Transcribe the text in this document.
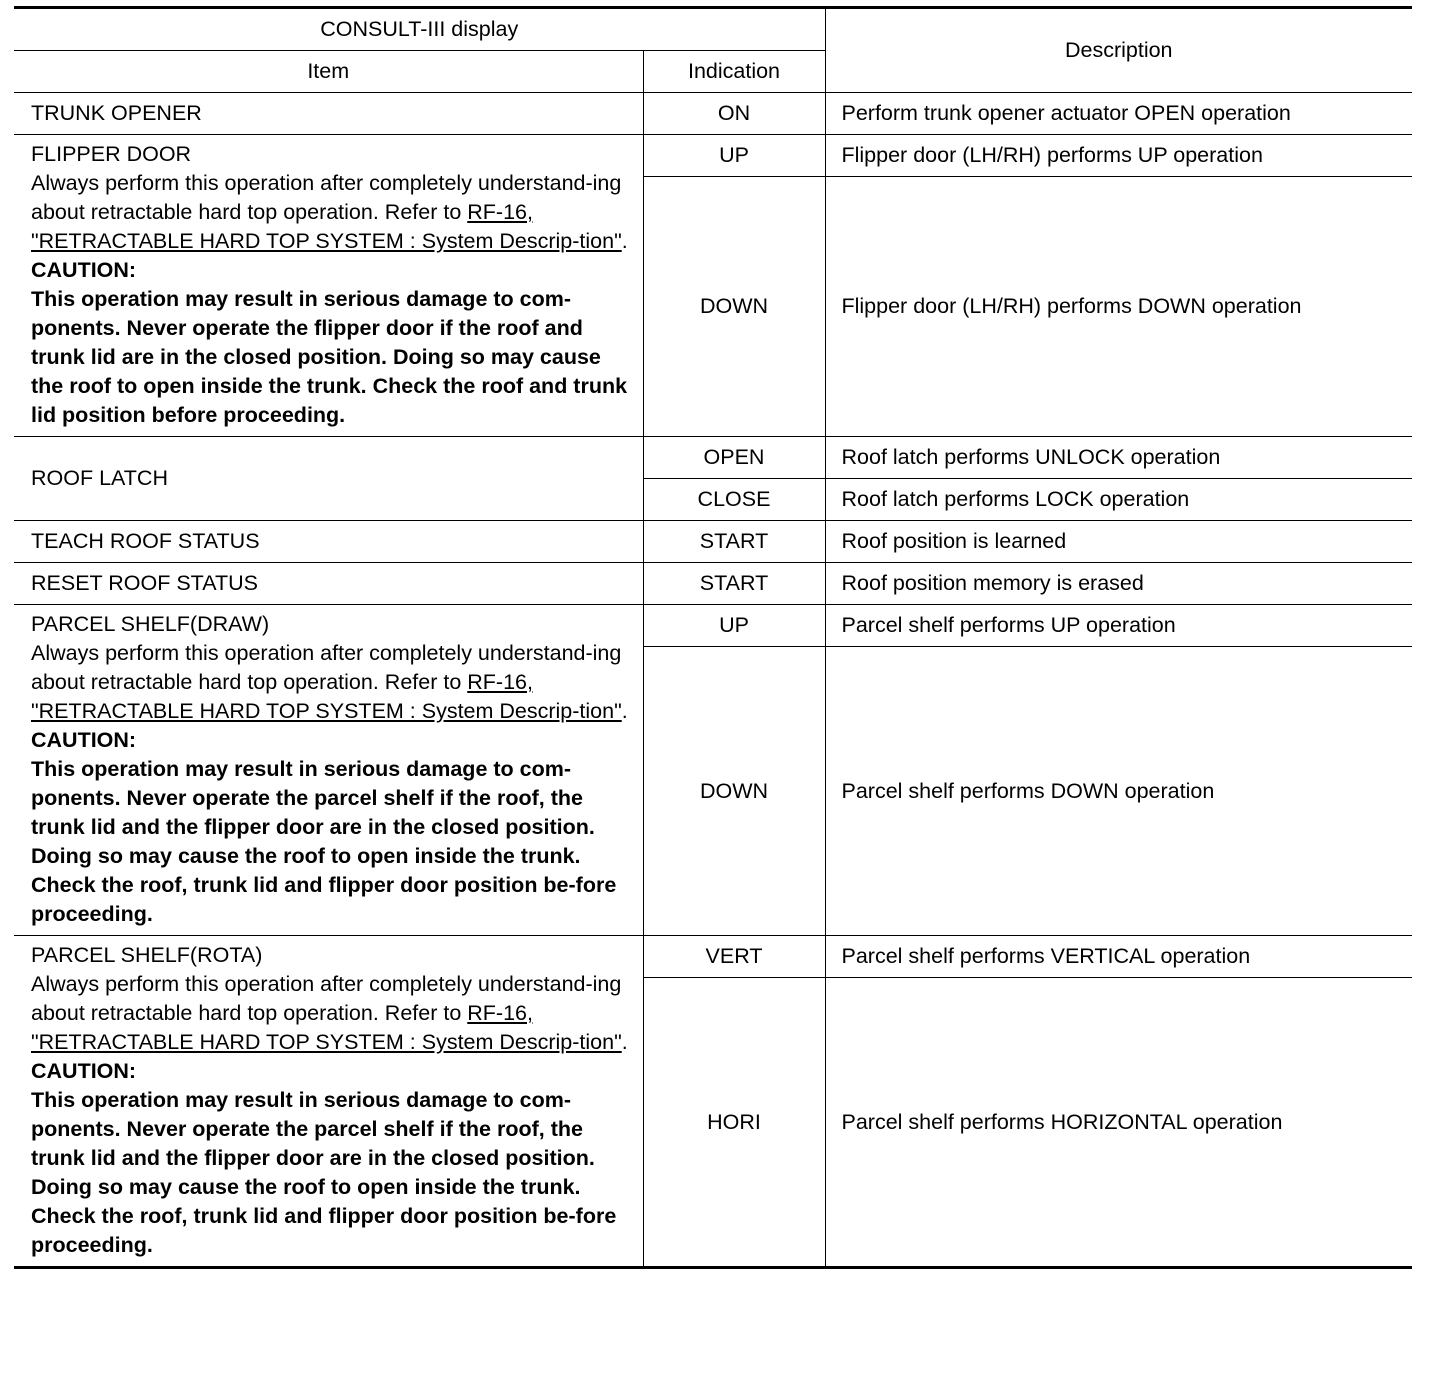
CONSULT-III display		Description
Item	Indication	
TRUNK OPENER	ON	Perform trunk opener actuator OPEN operation

FLIPPER DOOR
Always perform this operation after completely understand-ing about retractable hard top operation. Refer to RF-16, "RETRACTABLE HARD TOP SYSTEM : System Descrip-tion".
CAUTION:
This operation may result in serious damage to com-ponents. Never operate the flipper door if the roof and trunk lid are in the closed position. Doing so may cause the roof to open inside the trunk. Check the roof and trunk lid position before proceeding.	UP	Flipper door (LH/RH) performs UP operation
	DOWN	Flipper door (LH/RH) performs DOWN operation
ROOF LATCH	OPEN	Roof latch performs UNLOCK operation
	CLOSE	Roof latch performs LOCK operation
TEACH ROOF STATUS	START	Roof position is learned
RESET ROOF STATUS	START	Roof position memory is erased

PARCEL SHELF(DRAW)
Always perform this operation after completely understand-ing about retractable hard top operation. Refer to RF-16, "RETRACTABLE HARD TOP SYSTEM : System Descrip-tion".
CAUTION:
This operation may result in serious damage to com-ponents. Never operate the parcel shelf if the roof, the trunk lid and the flipper door are in the closed position. Doing so may cause the roof to open inside the trunk. Check the roof, trunk lid and flipper door position be-fore proceeding.	UP	Parcel shelf performs UP operation
	DOWN	Parcel shelf performs DOWN operation

PARCEL SHELF(ROTA)
Always perform this operation after completely understand-ing about retractable hard top operation. Refer to RF-16, "RETRACTABLE HARD TOP SYSTEM : System Descrip-tion".
CAUTION:
This operation may result in serious damage to com-ponents. Never operate the parcel shelf if the roof, the trunk lid and the flipper door are in the closed position. Doing so may cause the roof to open inside the trunk. Check the roof, trunk lid and flipper door position be-fore proceeding.	VERT	Parcel shelf performs VERTICAL operation
	HORI	Parcel shelf performs HORIZONTAL operation
